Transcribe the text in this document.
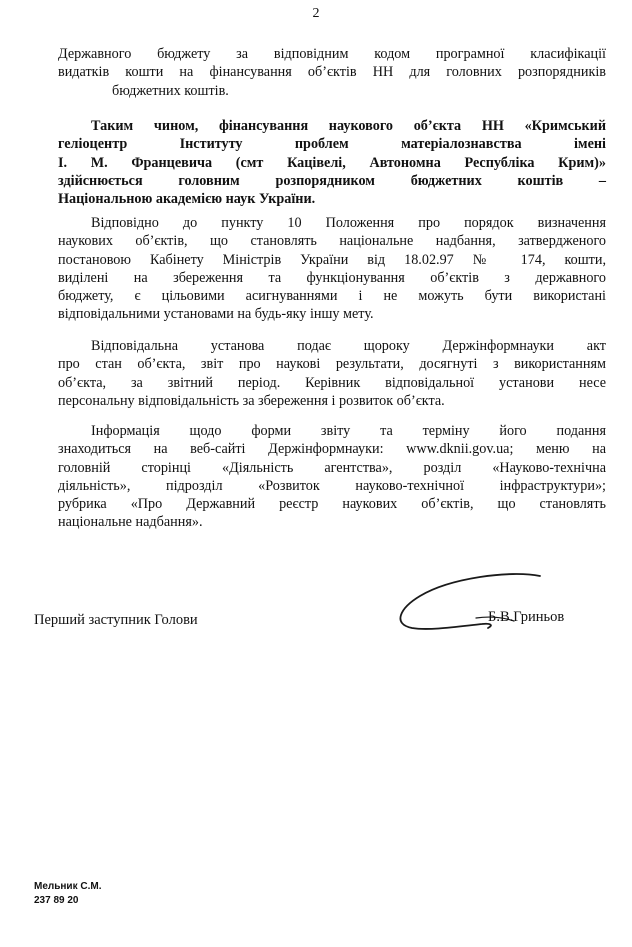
2
Державного бюджету за відповідним кодом програмної класифікації
видатків кошти на фінансування об’єктів НН для головних розпорядників
бюджетних коштів.
Таким чином, фінансування наукового об’єкта НН «Кримський
геліоцентр Інституту проблем матеріалознавства імені
І. М. Францевича (смт Кацівелі, Автономна Республіка Крим)»
здійснюється головним розпорядником бюджетних коштів –
Національною академією наук України.
Відповідно до пункту 10 Положення про порядок визначення
наукових об’єктів, що становлять національне надбання, затвердженого
постановою Кабінету Міністрів України від 18.02.97 № 174, кошти,
виділені на збереження та функціонування об’єктів з державного
бюджету, є цільовими асигнуваннями і не можуть бути використані
відповідальними установами на будь-яку іншу мету.
Відповідальна установа подає щороку Держінформнауки акт
про стан об’єкта, звіт про наукові результати, досягнуті з використанням
об’єкта, за звітний період. Керівник відповідальної установи несе
персональну відповідальність за збереження і розвиток об’єкта.
Інформація щодо форми звіту та терміну його подання
знаходиться на веб-сайті Держінформнауки: www.dknii.gov.ua; меню на
головній сторінці «Діяльність агентства», розділ «Науково-технічна
діяльність», підрозділ «Розвиток науково-технічної інфраструктури»;
рубрика «Про Державний реєстр наукових об’єктів, що становлять
національне надбання».
Перший заступник Голови	Б.В.Гриньов
Мельник С.М.
237 89 20
